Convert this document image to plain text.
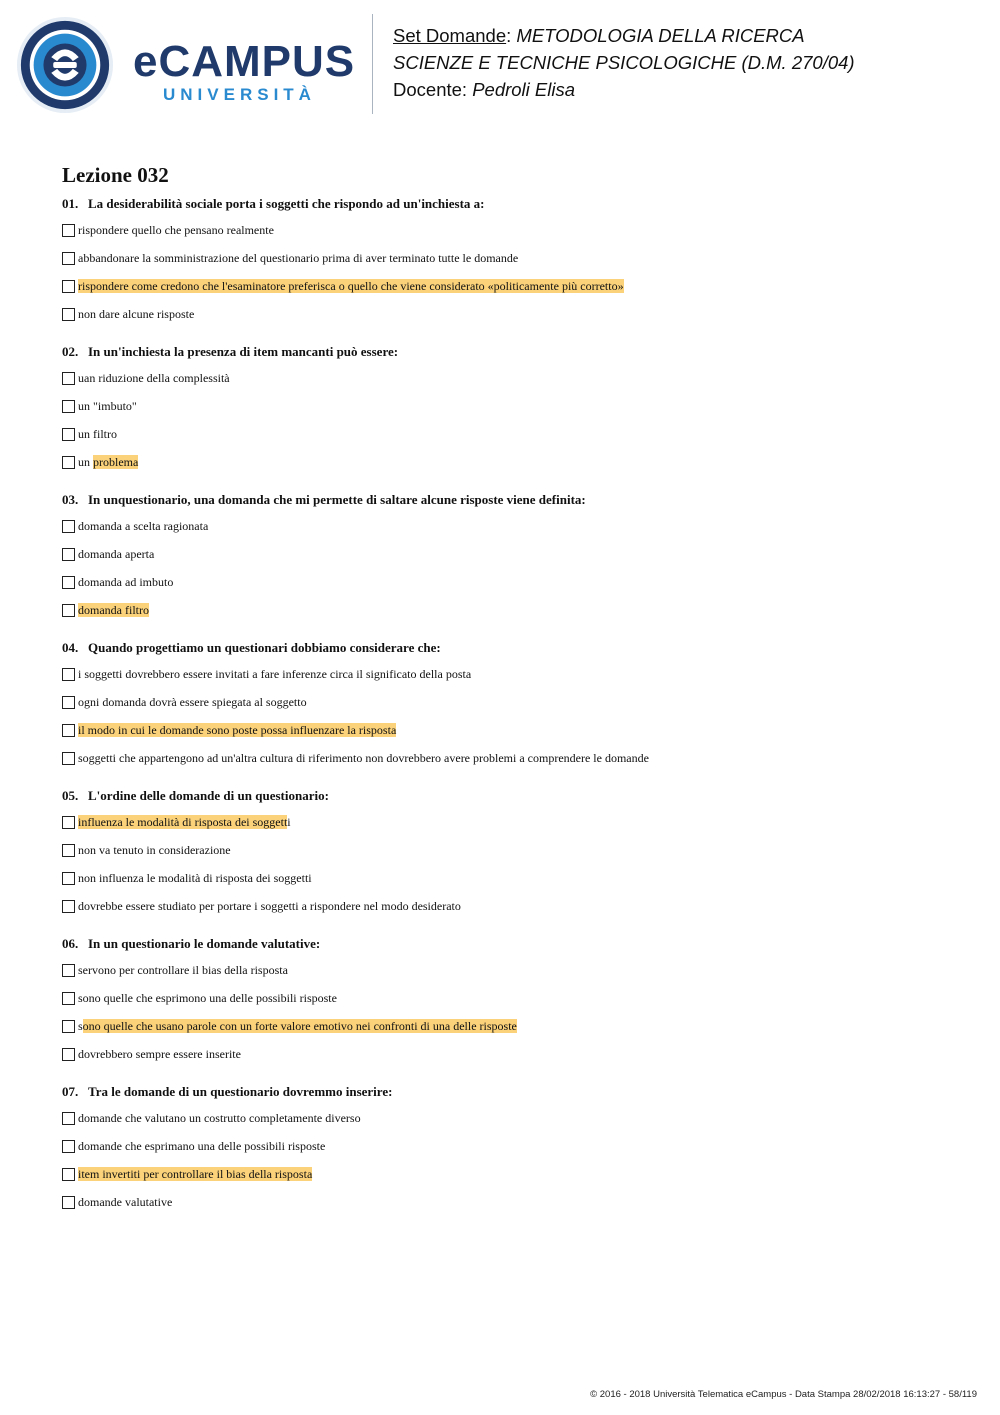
eCAMPUS
UNIVERSITÀ
Set Domande: METODOLOGIA DELLA RICERCA
SCIENZE E TECNICHE PSICOLOGICHE (D.M. 270/04)
Docente: Pedroli Elisa
Lezione 032
01. La desiderabilità sociale porta i soggetti che rispondo ad un'inchiesta a:
rispondere quello che pensano realmente
abbandonare la somministrazione del questionario prima di aver terminato tutte le domande
rispondere come credono che l'esaminatore preferisca o quello che viene considerato «politicamente più corretto»
non dare alcune risposte
02. In un'inchiesta la presenza di item mancanti può essere:
uan riduzione della complessità
un "imbuto"
un filtro
un problema
03. In unquestionario, una domanda che mi permette di saltare alcune risposte viene definita:
domanda a scelta ragionata
domanda aperta
domanda ad imbuto
domanda filtro
04. Quando progettiamo un questionari dobbiamo considerare che:
i soggetti dovrebbero essere invitati a fare inferenze circa il significato della posta
ogni domanda dovrà essere spiegata al soggetto
il modo in cui le domande sono poste possa influenzare la risposta
soggetti che appartengono ad un'altra cultura di riferimento non dovrebbero avere problemi a comprendere le domande
05. L'ordine delle domande di un questionario:
influenza le modalità di risposta dei soggetti
non va tenuto in considerazione
non influenza le modalità di risposta dei soggetti
dovrebbe essere studiato per portare i soggetti a rispondere nel modo desiderato
06. In un questionario le domande valutative:
servono per controllare il bias della risposta
sono quelle che esprimono una delle possibili risposte
sono quelle che usano parole con un forte valore emotivo nei confronti di una delle risposte
dovrebbero sempre essere inserite
07. Tra le domande di un questionario dovremmo inserire:
domande che valutano un costrutto completamente diverso
domande che esprimano una delle possibili risposte
item invertiti per controllare il bias della risposta
domande valutative
© 2016 - 2018 Università Telematica eCampus - Data Stampa 28/02/2018 16:13:27 - 58/119
